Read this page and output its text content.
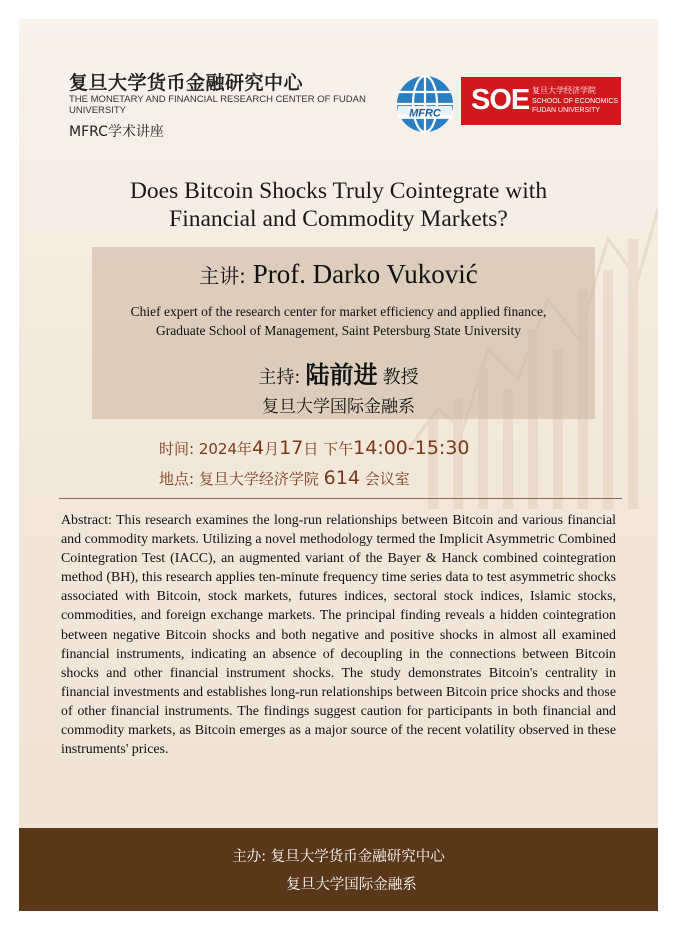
复旦大学货币金融研究中心
THE MONETARY AND FINANCIAL RESEARCH CENTER OF FUDAN UNIVERSITY
MFRC学术讲座
MFRC SOE 复旦大学经济学院
SCHOOL OF ECONOMICS
FUDAN UNIVERSITY
Does Bitcoin Shocks Truly Cointegrate with
Financial and Commodity Markets?
主讲: Prof. Darko Vuković
Chief expert of the research center for market efficiency and applied finance,
Graduate School of Management, Saint Petersburg State University
主持: 陆前进 教授
复旦大学国际金融系
时间: 2024年4月17日 下午14:00-15:30
地点: 复旦大学经济学院 614 会议室
Abstract: This research examines the long-run relationships between Bitcoin and various financial and commodity markets. Utilizing a novel methodology termed the Implicit Asymmetric Combined Cointegration Test (IACC), an augmented variant of the Bayer & Hanck combined cointegration method (BH), this research applies ten-minute frequency time series data to test asymmetric shocks associated with Bitcoin, stock markets, futures indices, sectoral stock indices, Islamic stocks, commodities, and foreign exchange markets. The principal finding reveals a hidden cointegration between negative Bitcoin shocks and both negative and positive shocks in almost all examined financial instruments, indicating an absence of decoupling in the connections between Bitcoin shocks and other financial instrument shocks. The study demonstrates Bitcoin's centrality in financial investments and establishes long-run relationships between Bitcoin price shocks and those of other financial instruments. The findings suggest caution for participants in both financial and commodity markets, as Bitcoin emerges as a major source of the recent volatility observed in these instruments' prices.
主办: 复旦大学货币金融研究中心
复旦大学国际金融系
